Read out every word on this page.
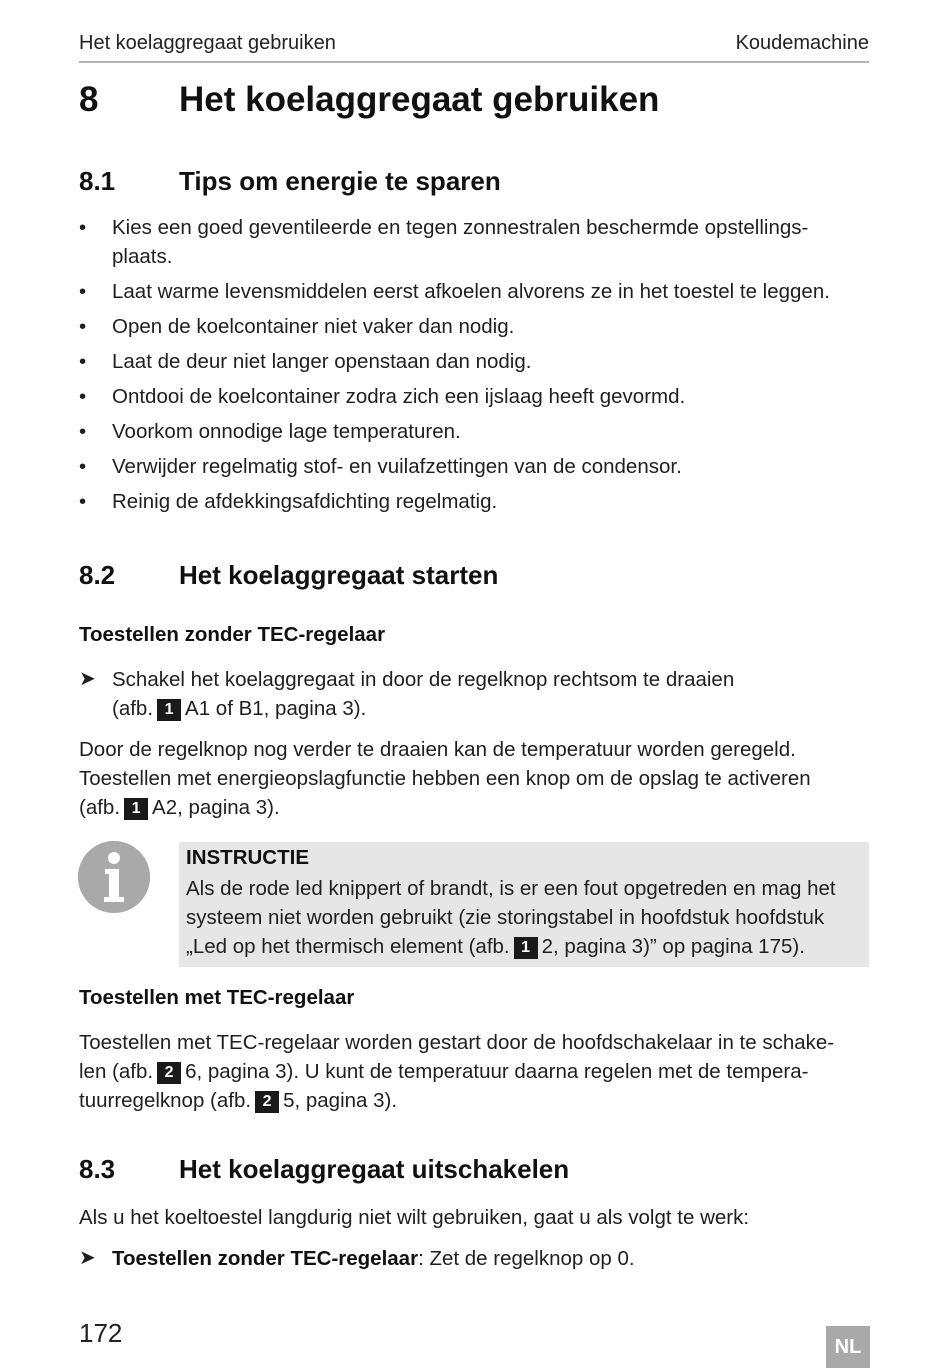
Het koelaggregaat gebruiken	Koudemachine
8 Het koelaggregaat gebruiken
8.1 Tips om energie te sparen
• Kies een goed geventileerde en tegen zonnestralen beschermde opstellings-
plaats.
• Laat warme levensmiddelen eerst afkoelen alvorens ze in het toestel te leggen.
• Open de koelcontainer niet vaker dan nodig.
• Laat de deur niet langer openstaan dan nodig.
• Ontdooi de koelcontainer zodra zich een ijslaag heeft gevormd.
• Voorkom onnodige lage temperaturen.
• Verwijder regelmatig stof- en vuilafzettingen van de condensor.
• Reinig de afdekkingsafdichting regelmatig.
8.2 Het koelaggregaat starten
Toestellen zonder TEC-regelaar
➤ Schakel het koelaggregaat in door de regelknop rechtsom te draaien
(afb. 1 A1 of B1, pagina 3).
Door de regelknop nog verder te draaien kan de temperatuur worden geregeld.
Toestellen met energieopslagfunctie hebben een knop om de opslag te activeren
(afb. 1 A2, pagina 3).
INSTRUCTIE
Als de rode led knippert of brandt, is er een fout opgetreden en mag het
systeem niet worden gebruikt (zie storingstabel in hoofdstuk hoofdstuk
„Led op het thermisch element (afb. 1 2, pagina 3)” op pagina 175).
Toestellen met TEC-regelaar
Toestellen met TEC-regelaar worden gestart door de hoofdschakelaar in te schake-
len (afb. 2 6, pagina 3). U kunt de temperatuur daarna regelen met de tempera-
tuurregelknop (afb. 2 5, pagina 3).
8.3 Het koelaggregaat uitschakelen
Als u het koeltoestel langdurig niet wilt gebruiken, gaat u als volgt te werk:
➤ Toestellen zonder TEC-regelaar: Zet de regelknop op 0.
172	NL
